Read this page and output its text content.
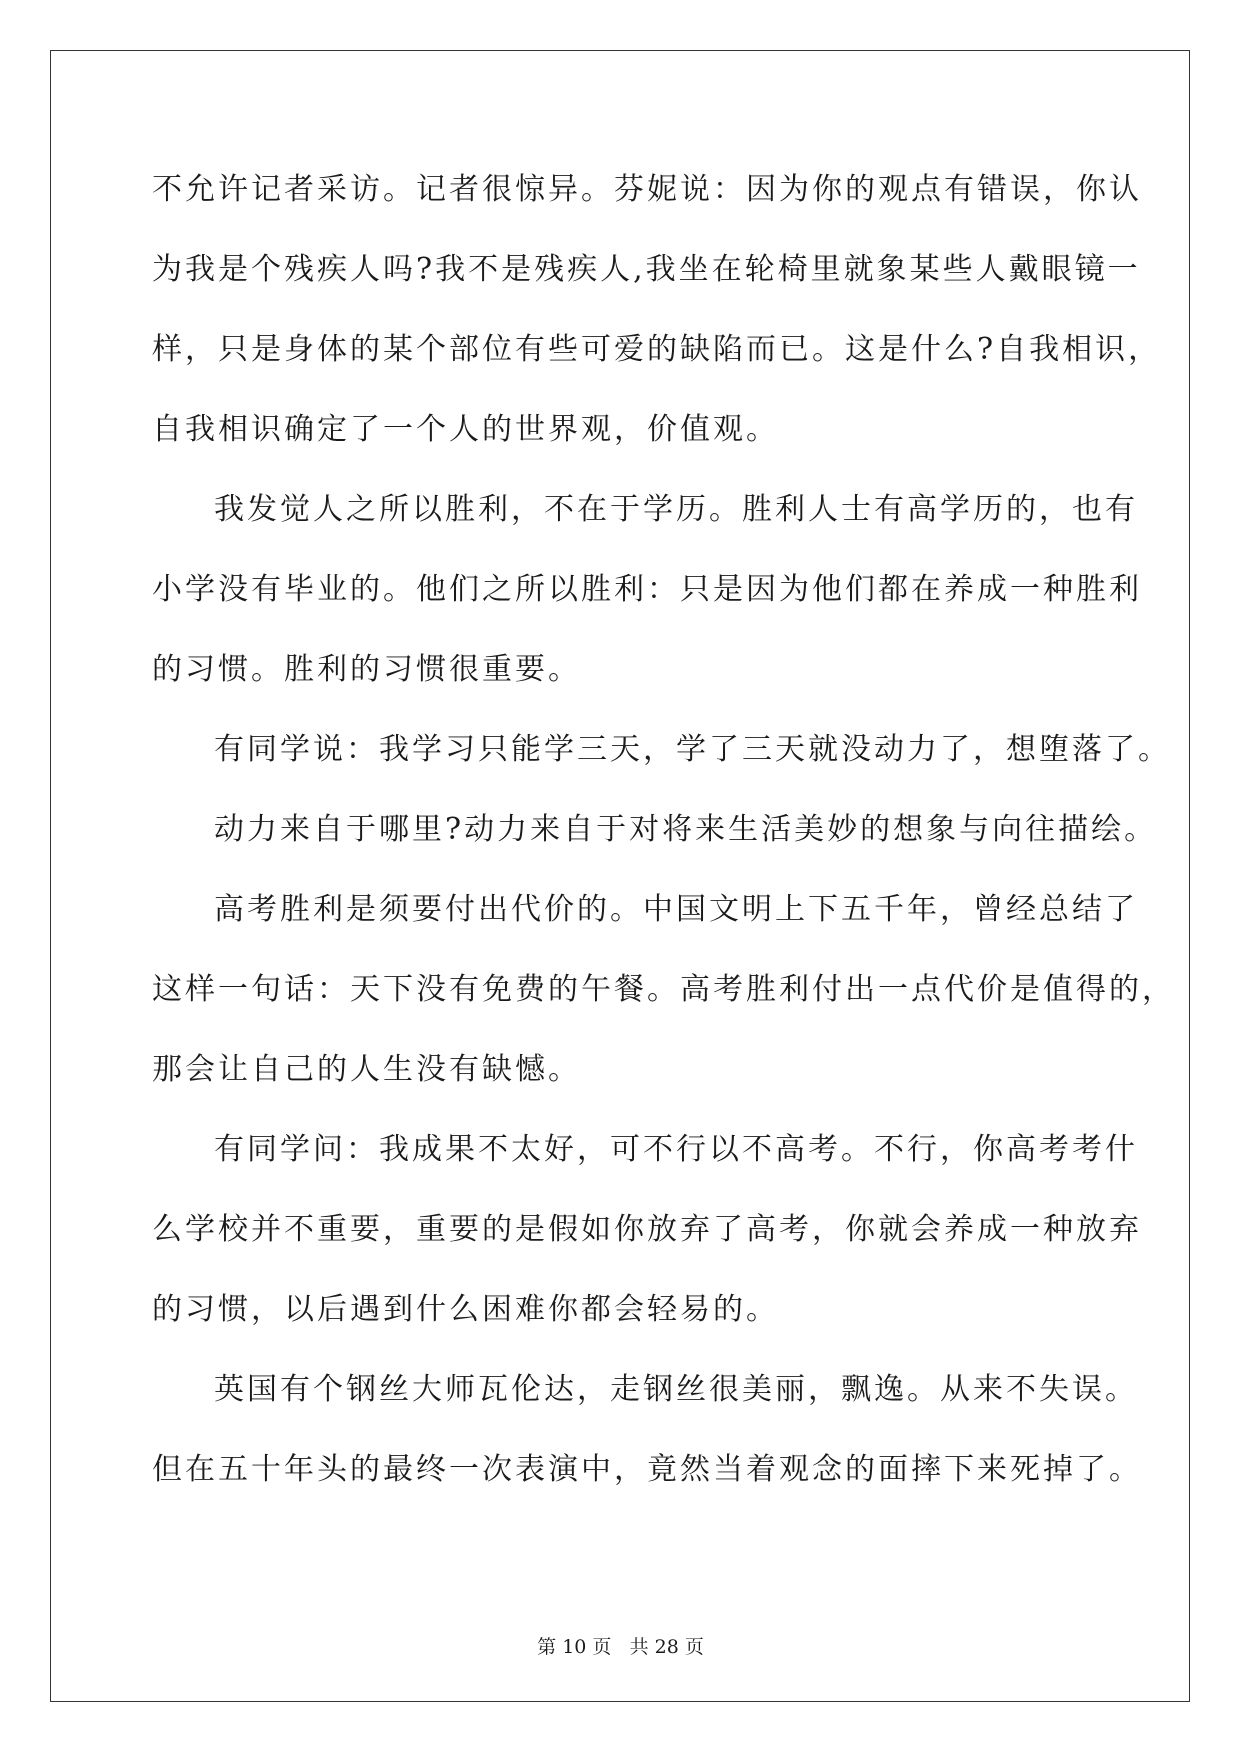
不允许记者采访。记者很惊异。芬妮说：因为你的观点有错误，你认
为我是个残疾人吗?我不是残疾人,我坐在轮椅里就象某些人戴眼镜一
样，只是身体的某个部位有些可爱的缺陷而已。这是什么?自我相识，
自我相识确定了一个人的世界观，价值观。
我发觉人之所以胜利，不在于学历。胜利人士有高学历的，也有
小学没有毕业的。他们之所以胜利：只是因为他们都在养成一种胜利
的习惯。胜利的习惯很重要。
有同学说：我学习只能学三天，学了三天就没动力了，想堕落了。
动力来自于哪里?动力来自于对将来生活美妙的想象与向往描绘。
高考胜利是须要付出代价的。中国文明上下五千年，曾经总结了
这样一句话：天下没有免费的午餐。高考胜利付出一点代价是值得的，
那会让自己的人生没有缺憾。
有同学问：我成果不太好，可不行以不高考。不行，你高考考什
么学校并不重要，重要的是假如你放弃了高考，你就会养成一种放弃
的习惯，以后遇到什么困难你都会轻易的。
英国有个钢丝大师瓦伦达，走钢丝很美丽，飘逸。从来不失误。
但在五十年头的最终一次表演中，竟然当着观念的面摔下来死掉了。
第 10 页 共 28 页
